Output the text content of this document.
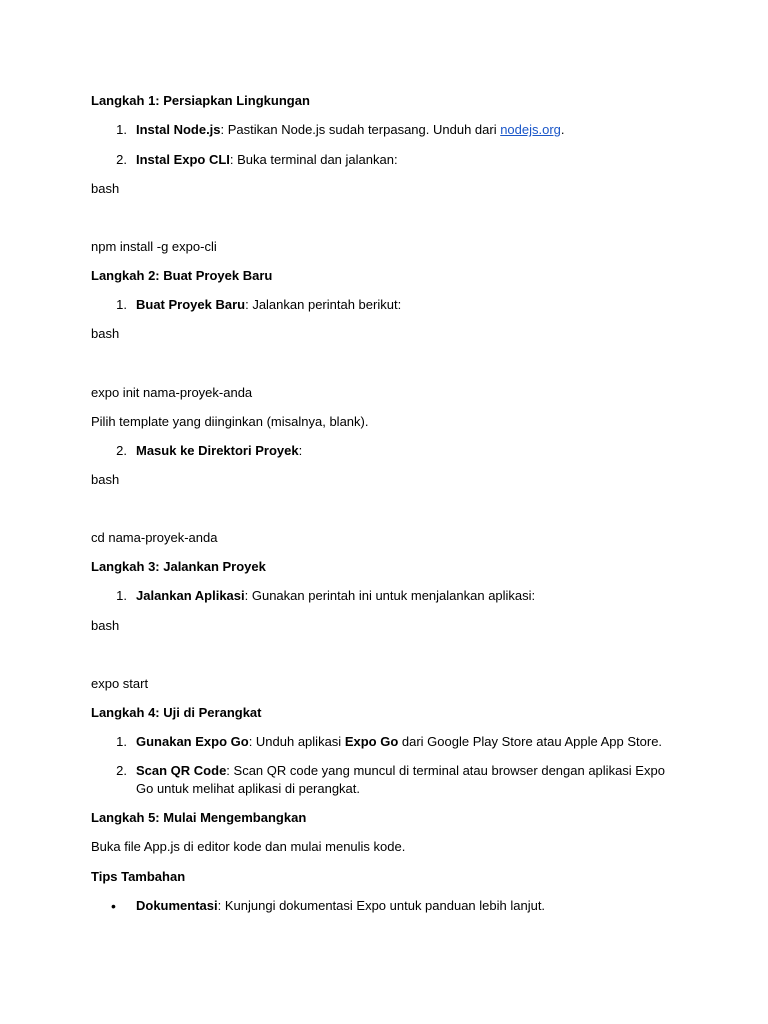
Langkah 1: Persiapkan Lingkungan
1. Instal Node.js: Pastikan Node.js sudah terpasang. Unduh dari nodejs.org.
2. Instal Expo CLI: Buka terminal dan jalankan:
bash
npm install -g expo-cli
Langkah 2: Buat Proyek Baru
1. Buat Proyek Baru: Jalankan perintah berikut:
bash
expo init nama-proyek-anda
Pilih template yang diinginkan (misalnya, blank).
2. Masuk ke Direktori Proyek:
bash
cd nama-proyek-anda
Langkah 3: Jalankan Proyek
1. Jalankan Aplikasi: Gunakan perintah ini untuk menjalankan aplikasi:
bash
expo start
Langkah 4: Uji di Perangkat
1. Gunakan Expo Go: Unduh aplikasi Expo Go dari Google Play Store atau Apple App Store.
2. Scan QR Code: Scan QR code yang muncul di terminal atau browser dengan aplikasi Expo Go untuk melihat aplikasi di perangkat.
Langkah 5: Mulai Mengembangkan
Buka file App.js di editor kode dan mulai menulis kode.
Tips Tambahan
• Dokumentasi: Kunjungi dokumentasi Expo untuk panduan lebih lanjut.
